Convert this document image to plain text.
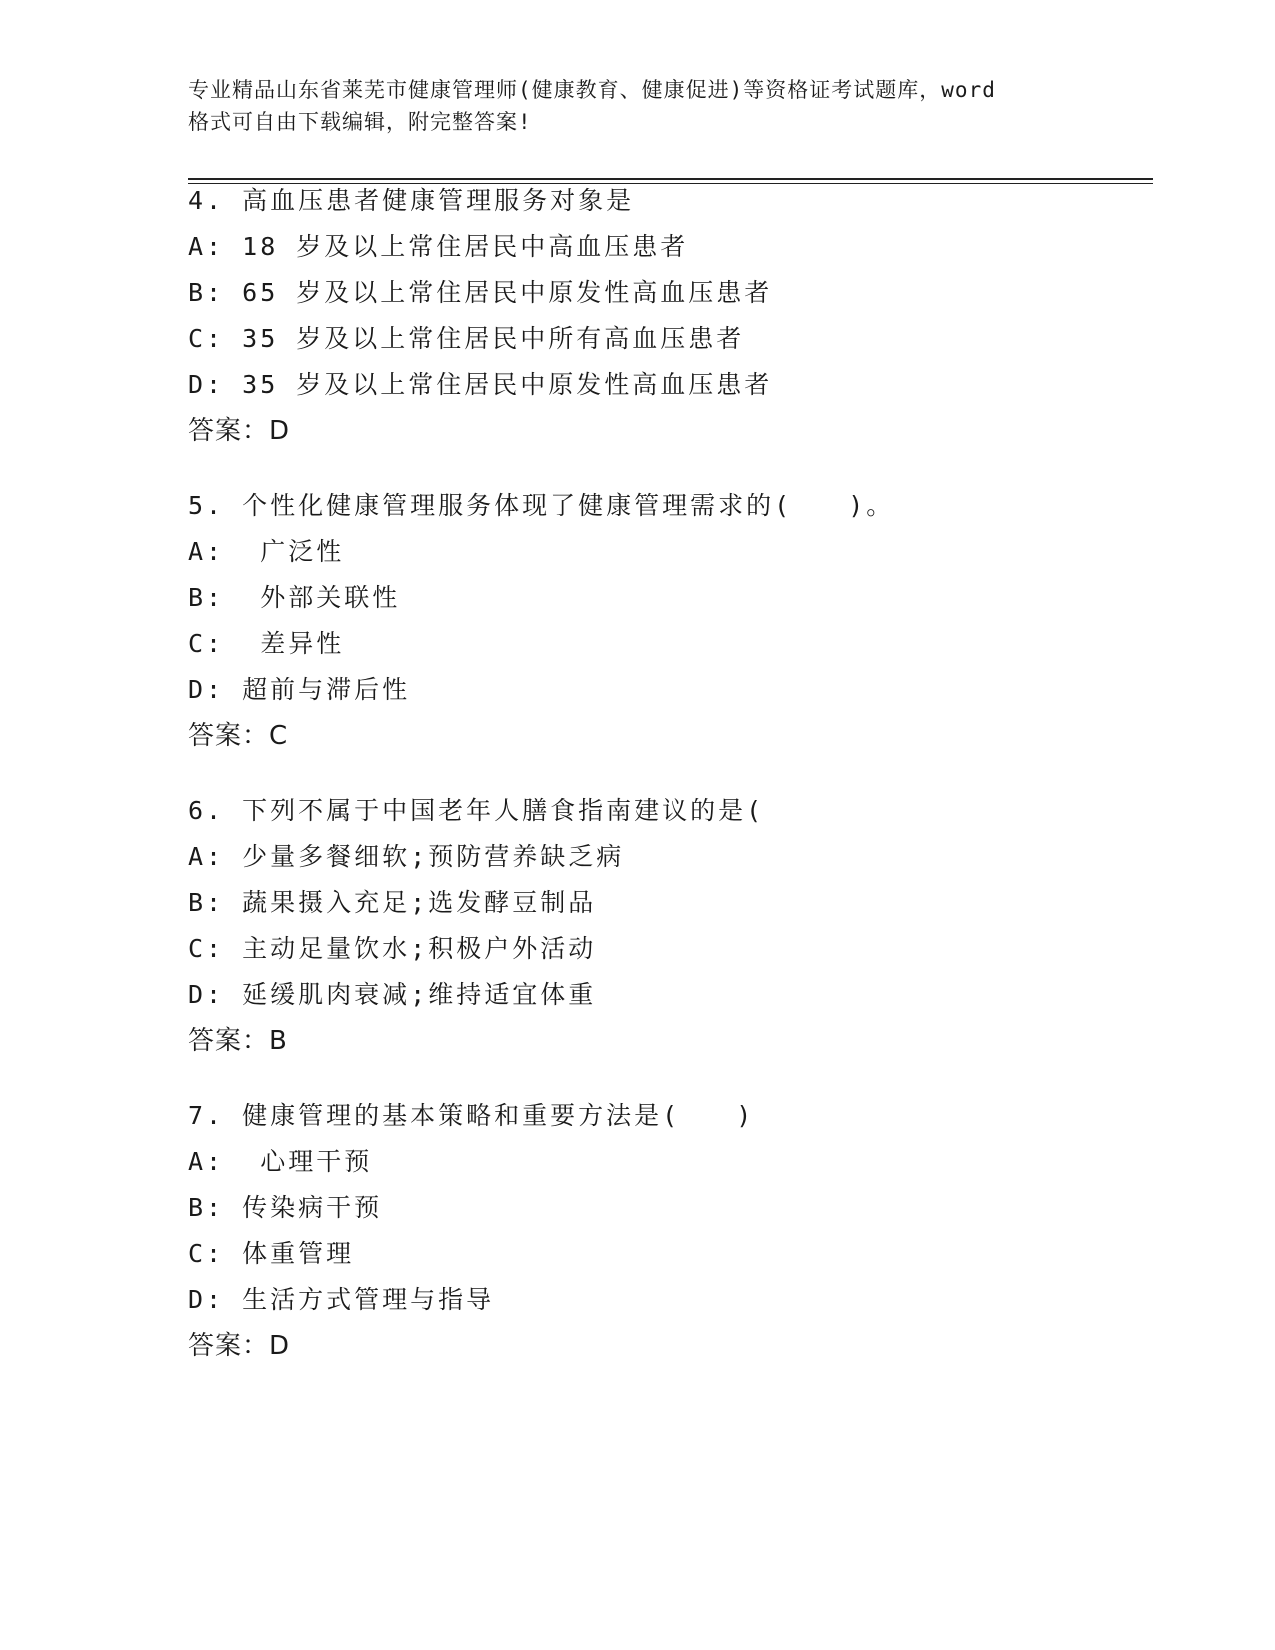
专业精品山东省莱芜市健康管理师(健康教育、健康促进)等资格证考试题库，word
格式可自由下载编辑，附完整答案!
4. 高血压患者健康管理服务对象是
A: 18 岁及以上常住居民中高血压患者
B: 65 岁及以上常住居民中原发性高血压患者
C: 35 岁及以上常住居民中所有高血压患者
D: 35 岁及以上常住居民中原发性高血压患者
答案：D
5. 个性化健康管理服务体现了健康管理需求的(　　)。
A:  广泛性
B:  外部关联性
C:  差异性
D: 超前与滞后性
答案：C
6. 下列不属于中国老年人膳食指南建议的是(
A: 少量多餐细软;预防营养缺乏病
B: 蔬果摄入充足;选发酵豆制品
C: 主动足量饮水;积极户外活动
D: 延缓肌肉衰减;维持适宜体重
答案：B
7. 健康管理的基本策略和重要方法是(　　)
A:  心理干预
B: 传染病干预
C: 体重管理
D: 生活方式管理与指导
答案：D
